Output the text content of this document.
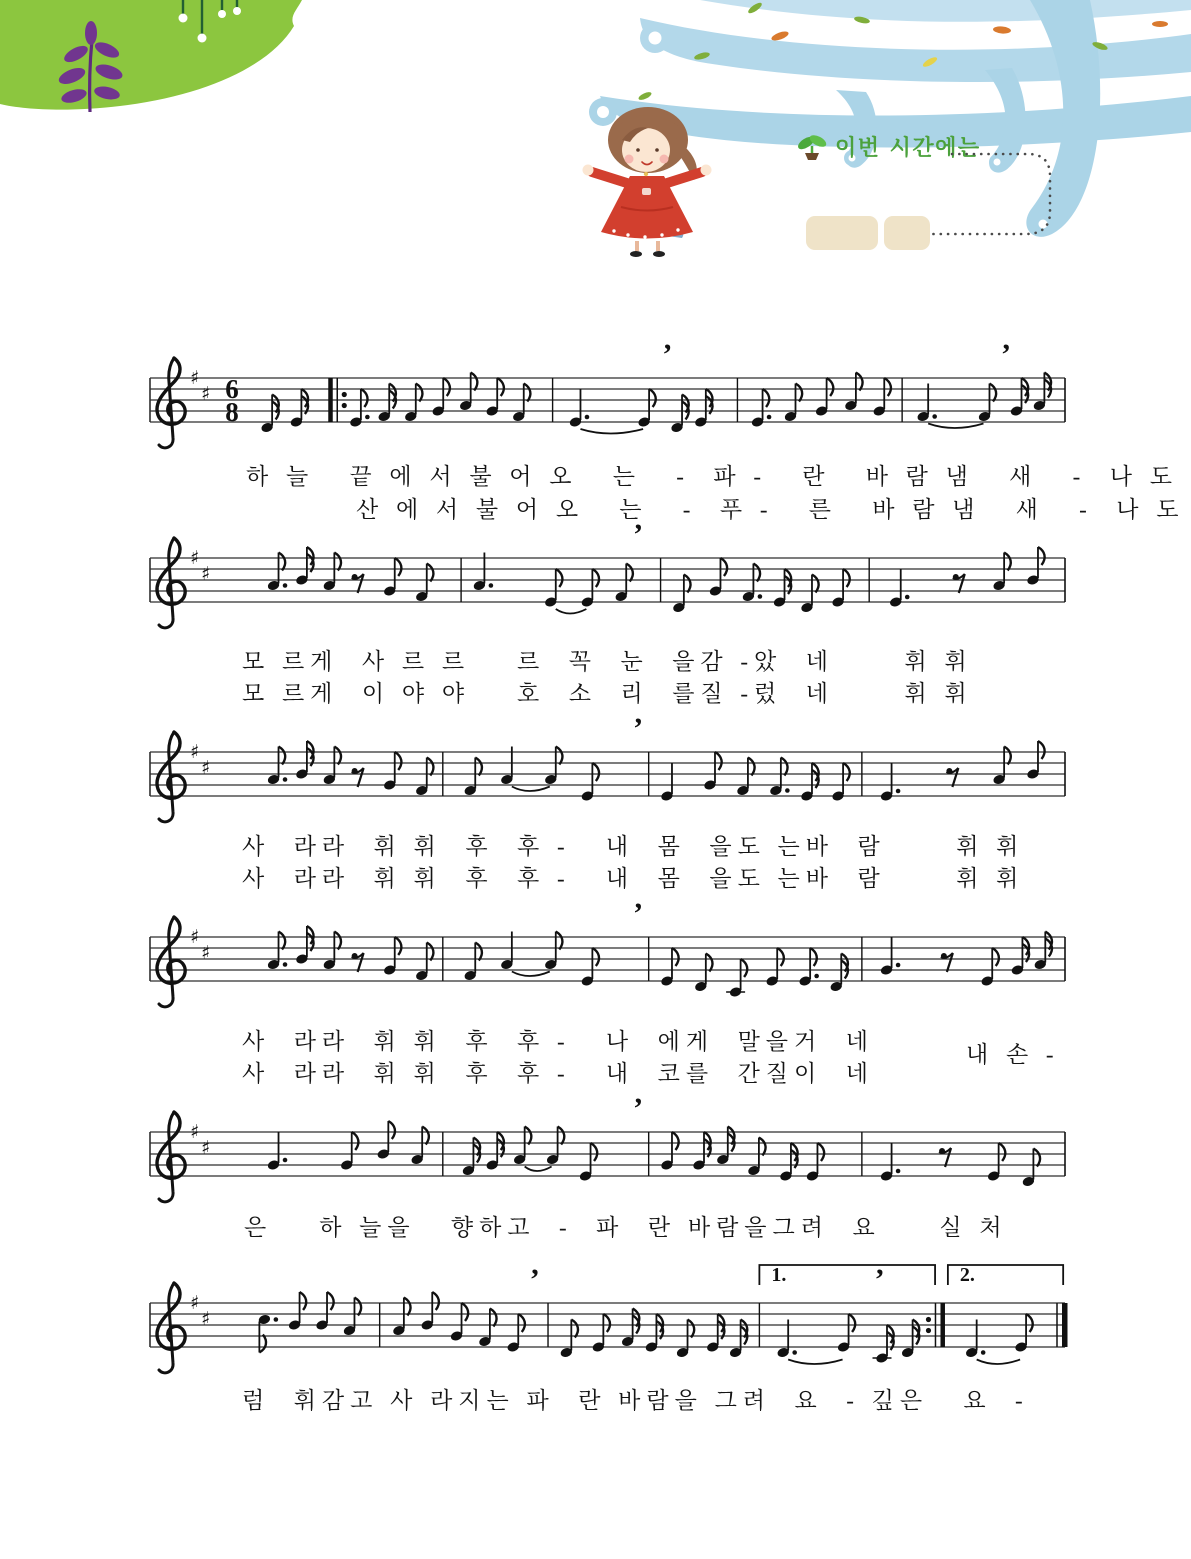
이번 시간에는
♯
♯ 6
8
’	’
♯
♯
’
♯
♯
’
♯
♯
’
♯
♯
’
♯
♯
1.	2.
’	’
하 늘   끝 에 서 불 어 오   는   -  파 -   란   바 람 냄   새   -  나 도
산 에 서 불 어 오   는   -  푸 -   른   바 람 냄   새   -  나 도
모 르게  사 르 르    르  꼭  눈  을감 -았  네      휘 휘
모 르게  이 야 야    호  소  리  를질 -렀  네      휘 휘
사  라라  휘 휘  후  후 -   내  몸  을도 는바  람      휘 휘
사  라라  휘 휘  후  후 -   내  몸  을도 는바  람      휘 휘
사  라라  휘 휘  후  후 -   나  에게  말을거  네
사  라라  휘 휘  후  후 -   내  코를  간질이  네
내 손 -
은    하 늘을   향하고  -  파  란 바람을그려  요     실 처
럼  휘감고 사 라지는 파  란 바람을 그려  요  - 깊은   요  -
